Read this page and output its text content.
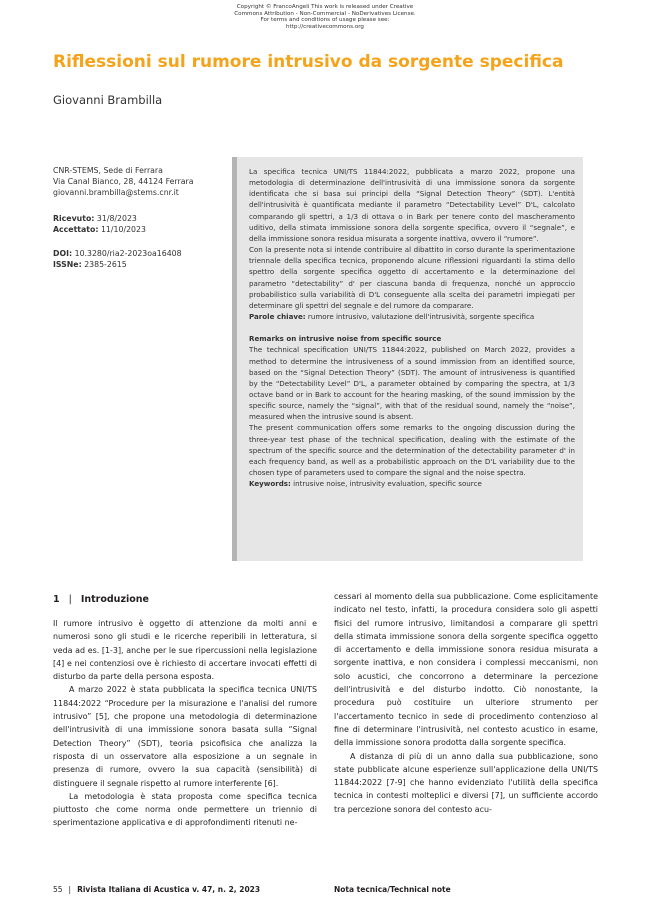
Copyright © FrancoAngeli This work is released under Creative
Commons Attribution - Non-Commercial - NoDerivatives License.
For terms and conditions of usage please see:
http://creativecommons.org
Riflessioni sul rumore intrusivo da sorgente specifica
Giovanni Brambilla
CNR-STEMS, Sede di Ferrara
Via Canal Bianco, 28, 44124 Ferrara
giovanni.brambilla@stems.cnr.it
Ricevuto: 31/8/2023
Accettato: 11/10/2023
DOI: 10.3280/ria2-2023oa16408
ISSNe: 2385-2615

La specifica tecnica UNI/TS 11844:2022, pubblicata a marzo 2022, propone una metodologia di determinazione dell'intrusività di una immissione sonora da sorgente identificata che si basa sui principi della “Signal Detection Theory” (SDT). L'entità dell'intrusività è quantificata mediante il parametro “Detectability Level” D'L, calcolato comparando gli spettri, a 1/3 di ottava o in Bark per tenere conto del mascheramento uditivo, della stimata immissione sonora della sorgente specifica, ovvero il “segnale”, e della immissione sonora residua misurata a sorgente inattiva, ovvero il “rumore”.

Con la presente nota si intende contribuire al dibattito in corso durante la sperimentazione triennale della specifica tecnica, proponendo alcune riflessioni riguardanti la stima dello spettro della sorgente specifica oggetto di accertamento e la determinazione del parametro “detectability” d' per ciascuna banda di frequenza, nonché un approccio probabilistico sulla variabilità di D'L conseguente alla scelta dei parametri impiegati per determinare gli spettri del segnale e del rumore da comparare.

Parole chiave: rumore intrusivo, valutazione dell'intrusività, sorgente specifica

Remarks on intrusive noise from specific source

The technical specification UNI/TS 11844:2022, published on March 2022, provides a method to determine the intrusiveness of a sound immission from an identified source, based on the “Signal Detection Theory” (SDT). The amount of intrusiveness is quantified by the “Detectability Level” D'L, a parameter obtained by comparing the spectra, at 1/3 octave band or in Bark to account for the hearing masking, of the sound immission by the specific source, namely the “signal”, with that of the residual sound, namely the “noise”, measured when the intrusive sound is absent.

The present communication offers some remarks to the ongoing discussion during the three-year test phase of the technical specification, dealing with the estimate of the spectrum of the specific source and the determination of the detectability parameter d' in each frequency band, as well as a probabilistic approach on the D'L variability due to the chosen type of parameters used to compare the signal and the noise spectra.

Keywords: intrusive noise, intrusivity evaluation, specific source

1 | Introduzione

Il rumore intrusivo è oggetto di attenzione da molti anni e numerosi sono gli studi e le ricerche reperibili in letteratura, si veda ad es. [1-3], anche per le sue ripercussioni nella legislazione [4] e nei contenziosi ove è richiesto di accertare invocati effetti di disturbo da parte della persona esposta.

A marzo 2022 è stata pubblicata la specifica tecnica UNI/TS 11844:2022 “Procedure per la misurazione e l'analisi del rumore intrusivo” [5], che propone una metodologia di determinazione dell'intrusività di una immissione sonora basata sulla “Signal Detection Theory” (SDT), teoria psicofisica che analizza la risposta di un osservatore alla esposizione a un segnale in presenza di rumore, ovvero la sua capacità (sensibilità) di distinguere il segnale rispetto al rumore interferente [6].

La metodologia è stata proposta come specifica tecnica piuttosto che come norma onde permettere un triennio di sperimentazione applicativa e di approfondimenti ritenuti ne-

cessari al momento della sua pubblicazione. Come esplicitamente indicato nel testo, infatti, la procedura considera solo gli aspetti fisici del rumore intrusivo, limitandosi a comparare gli spettri della stimata immissione sonora della sorgente specifica oggetto di accertamento e della immissione sonora residua misurata a sorgente inattiva, e non considera i complessi meccanismi, non solo acustici, che concorrono a determinare la percezione dell'intrusività e del disturbo indotto. Ciò nonostante, la procedura può costituire un ulteriore strumento per l'accertamento tecnico in sede di procedimento contenzioso al fine di determinare l'intrusività, nel contesto acustico in esame, della immissione sonora prodotta dalla sorgente specifica.

A distanza di più di un anno dalla sua pubblicazione, sono state pubblicate alcune esperienze sull'applicazione della UNI/TS 11844:2022 [7-9] che hanno evidenziato l'utilità della specifica tecnica in contesti molteplici e diversi [7], un sufficiente accordo tra percezione sonora del contesto acu-

55 | Rivista Italiana di Acustica v. 47, n. 2, 2023	Nota tecnica/Technical note
